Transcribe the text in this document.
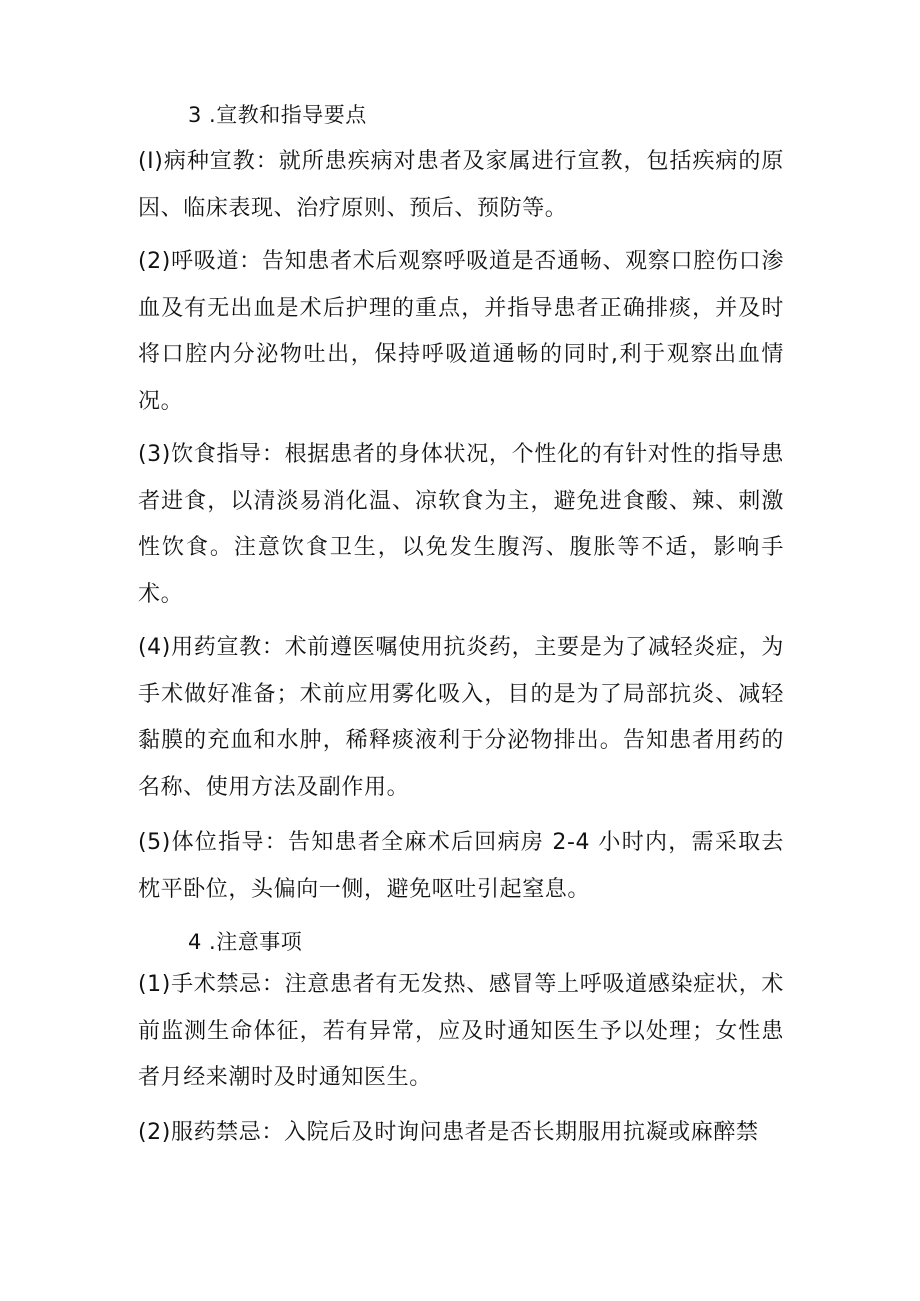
3 .宣教和指导要点
(I)病种宣教：就所患疾病对患者及家属进行宣教，包括疾病的原因、临床表现、治疗原则、预后、预防等。
(2)呼吸道：告知患者术后观察呼吸道是否通畅、观察口腔伤口渗血及有无出血是术后护理的重点，并指导患者正确排痰，并及时将口腔内分泌物吐出，保持呼吸道通畅的同时,利于观察出血情况。
(3)饮食指导：根据患者的身体状况，个性化的有针对性的指导患者进食，以清淡易消化温、凉软食为主，避免进食酸、辣、刺激性饮食。注意饮食卫生，以免发生腹泻、腹胀等不适，影响手术。
(4)用药宣教：术前遵医嘱使用抗炎药，主要是为了减轻炎症，为手术做好准备；术前应用雾化吸入，目的是为了局部抗炎、减轻黏膜的充血和水肿，稀释痰液利于分泌物排出。告知患者用药的名称、使用方法及副作用。
(5)体位指导：告知患者全麻术后回病房 2-4 小时内，需采取去枕平卧位，头偏向一侧，避免呕吐引起窒息。
4 .注意事项
(1)手术禁忌：注意患者有无发热、感冒等上呼吸道感染症状，术前监测生命体征，若有异常，应及时通知医生予以处理；女性患者月经来潮时及时通知医生。
(2)服药禁忌：入院后及时询问患者是否长期服用抗凝或麻醉禁
